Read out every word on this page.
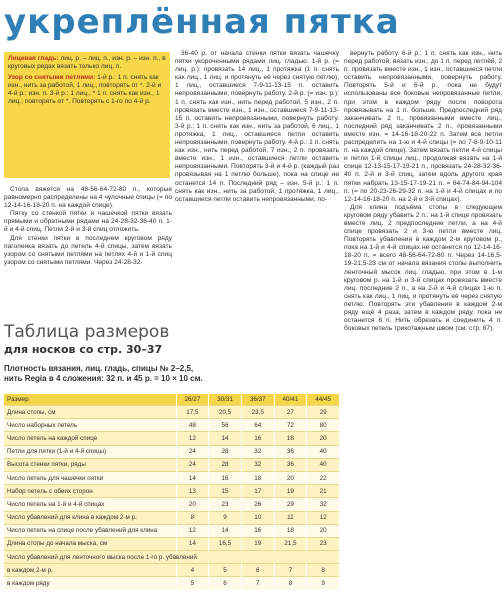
укреплённая пятка

Лицевая гладь: лиц. р. – лиц. п., изн. р. – изн. п., в круговых рядах вязать только лиц. п.

Узор со снятыми петлями: 1-й р.: 1 п. снять как изн., нить за работой, 1 лиц., повторять от *. 2-й и 4-й р.: изн. п. 3-й р.: 1 лиц., * 1 п. снять как изн., 1 лиц.; повторять от *. Повторять с 1-го по 4-й р.

Стопа вяжется на 48-56-64-72-80 п., которые равномерно распределены на 4 чулочные спицы (= по 12-14-16-18-20 п. на каждой спице).

Пятку со стенкой пятки и чашечкой пятки вязать прямыми и обратными рядами на 24-28-32-36-40 п. 1-й и 4-й спиц. Петли 2-й и 3-й спиц отложить.

Для стенки пятки в последнем круговом ряду паголенка вязать до петель 4-й спицы, затем вязать узором со снятыми петлями на петлях 4-й и 1-й спиц узором со снятыми петлями. Через 24-28-32-

36-40 р. от начала стенки пятки вязать чашечку пятки укороченными рядами лиц. гладью. 1-й р. (= лиц. р.): провязать 14 лиц., 1 протяжка (1 п. снять как лиц., 1 лиц. и протянуть её через снятую петлю), 1 лиц., оставшиеся 7-9-11-13-15 п. оставить непровязанными, повернуть работу. 2-й р. (= изн. р.): 1 п. снять как изн., нить перед работой, 5 изн., 2 п. провязать вместе изн., 1 изн., оставшиеся 7-9-11-13-15 п. оставить непровязанными, повернуть работу. 3-й р.: 1 п. снять как изн., нить за работой, 6 лиц., 1 протяжка, 1 лиц., оставшиеся петли оставить непровязанными, повернуть работу. 4-й р.: 1 п. снять как изн., нить перед работой, 7 изн., 2 п. провязать вместе изн., 1 изн., оставшиеся петли оставить непровязанными. Повторять 3-й и 4-й р. (каждый раз провязывая на 1 петлю больше), пока на спице не останется 14 п. Последний ряд – изн. 5-й р.: 1 п. снять как изн., нить за работой, 1 протяжка, 1 лиц., оставшиеся петли оставить непровязанными, по-

вернуть работу. 6-й р.: 1 п. снять как изн., нить перед работой, вязать изн., до 1 п. перед петлёй, 2 п. провязать вместе изн., 1 изн., оставшиеся петли оставить непровязанными, повернуть работу. Повторять 5-й и 6-й р., пока не будут использованы все боковые непровязанные петли, при этом в каждом ряду после поворота провязывать на 1 п. больше. Предпоследний ряд заканчивать 2 п., провязанными вместе лиц., последний ряд заканчивать 2 п., провязанными вместе изн. = 14-16-18-20-22 п. Затем все петли распределить на 1-ю и 4-й спицы (= по 7-8-9-10-11 п. на каждой спице). Затем вязать петли 4-й спицы и петли 1-й спицы лиц., продолжая вязать на 1-й спице 12-13-15-17-19-21 п., провязать 24-28-32-36-40 п. 2-й и 3-й спиц, затем вдоль другого края пятки набрать 13-15-17-19-21 п. = 64-74-84-94-104 п. (= по 20-23-26-29-32 п. на 1-й и 4-й спицах и по 12-14-16-18-20 п. на 2-й и 3-й спицах).

Для клина подъёма стопы в следующем круговом ряду убавить 2 п.: на 1-й спице провязать вместе лиц. 2 предпоследние петли, а на 4-й спице провязать 2 и 3-ю петли вместе лиц. Повторять убавления в каждом 2-м круговом р., пока на 1-й и 4-й спицах не останется по 12-14-16-18-20 п. = всего 48-56-64-72-80 п. Через 14-16,5-19-21,5-23 см от начала вязания стопы выполнить ленточный мысок лиц. гладью, при этом в 1-м круговом р. на 1-й и 3-й спицах провязать вместе лиц. последние 2 п., а на 2-й и 4-й спицах 1-ю п. снять как лиц., 1 лиц. и протянуть её через снятую петлю. Повторять эти убавления в каждом 2-м ряду ещё 4 раза, затем в каждом ряду, пока не останется 8 п. Нить обрезать и соединить 4 п. боковых петель трикотажным швом (см. стр. 87).

Таблица размеров
для носков со стр. 30–37
Плотность вязания, лиц. гладь, спицы № 2–2,5,
нить Regia в 4 сложения: 32 п. и 45 р. = 10 × 10 см.
Размер	26/27	30/31	36/37	40/41	44/45
Длина стопы, см	17,5	20,5	23,5	27	29
Число наборных петель	48	56	64	72	80
Число петель на каждой спице	12	14	16	18	20
Петли для пятки (1-й и 4-й спицы)	24	28	32	36	40
Высота стенки пятки, ряды	24	28	32	36	40
Число петель для чашечки пятки	14	16	18	20	22
Набор петель с обеих сторон	13	15	17	19	21
Число петель на 1-й и 4-й спицах	20	23	26	29	32
Число убавлений для клина в каждом 2-м р.	8	9	10	11	12
Число петель на спице после убавлений для клина	12	14	16	18	20
Длина стопы до начала мыска, см	14	16,5	19	21,5	23
Число убавлений для ленточного мыска после 1-го р. убавлений					
в каждом 2-м р.	4	5	6	7	8
в каждом ряду	5	6	7	8	9
